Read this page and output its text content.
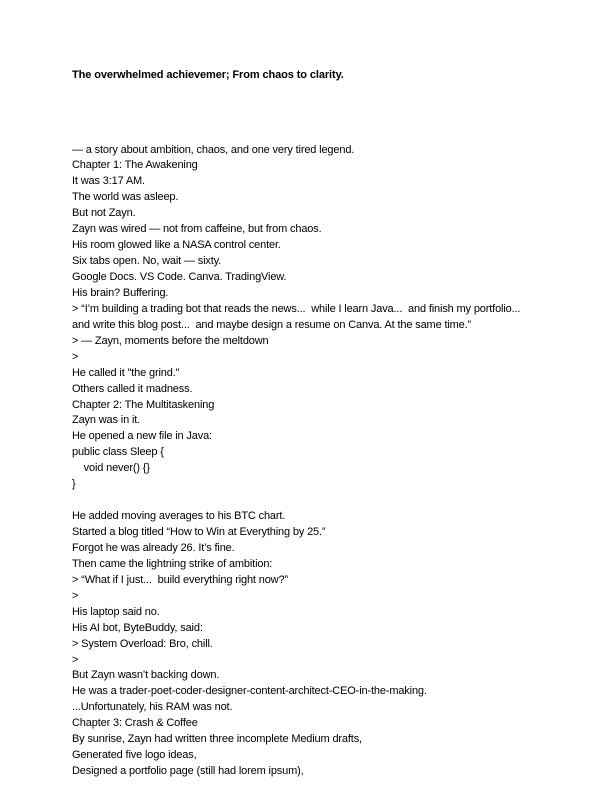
The overwhelmed achievemer; From chaos to clarity.
— a story about ambition, chaos, and one very tired legend.
Chapter 1: The Awakening
It was 3:17 AM.
The world was asleep.
But not Zayn.
Zayn was wired — not from caffeine, but from chaos.
His room glowed like a NASA control center.
Six tabs open. No, wait — sixty.
Google Docs. VS Code. Canva. TradingView.
His brain? Buffering.
> “I’m building a trading bot that reads the news...  while I learn Java...  and finish my portfolio...
and write this blog post...  and maybe design a resume on Canva. At the same time.”
> — Zayn, moments before the meltdown
>
He called it "the grind."
Others called it madness.
Chapter 2: The Multitaskening
Zayn was in it.
He opened a new file in Java:
public class Sleep {
void never() {}
}
He added moving averages to his BTC chart.
Started a blog titled “How to Win at Everything by 25.”
Forgot he was already 26. It’s fine.
Then came the lightning strike of ambition:
> “What if I just...  build everything right now?”
>
His laptop said no.
His AI bot, ByteBuddy, said:
> System Overload: Bro, chill.
>
But Zayn wasn’t backing down.
He was a trader-poet-coder-designer-content-architect-CEO-in-the-making.
...Unfortunately, his RAM was not.
Chapter 3: Crash & Coffee
By sunrise, Zayn had written three incomplete Medium drafts,
Generated five logo ideas,
Designed a portfolio page (still had lorem ipsum),
